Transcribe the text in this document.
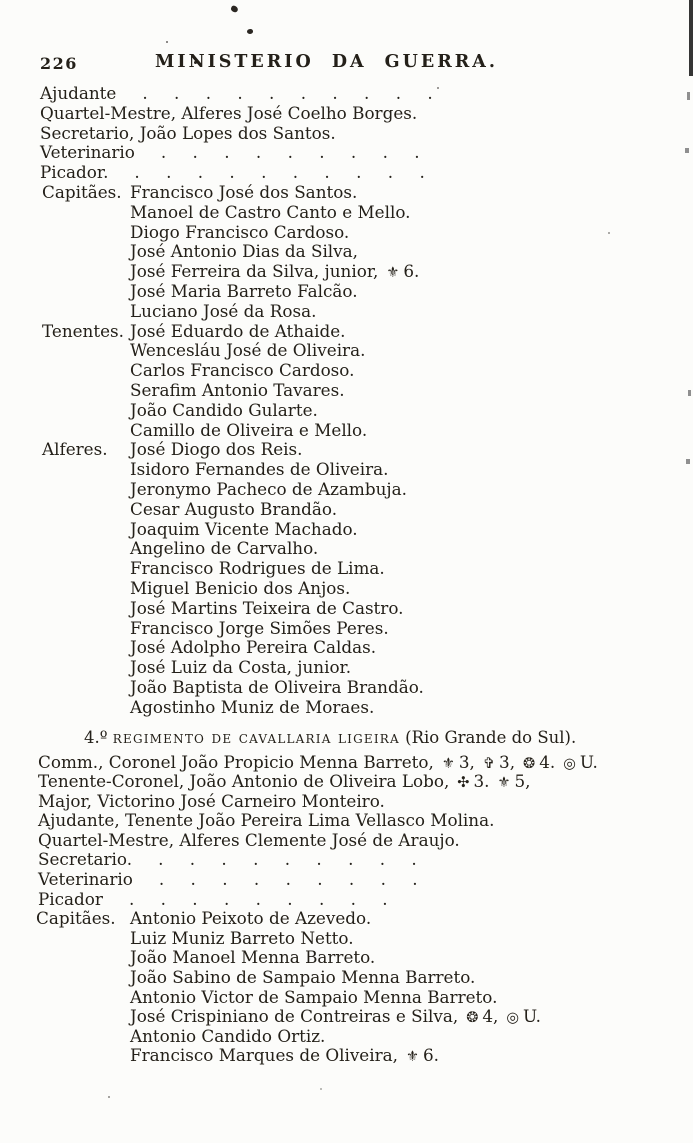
226	MINISTERIO DA GUERRA.
Ajudante . . . . . . . . . .
Quartel-Mestre, Alferes José Coelho Borges.
Secretario, João Lopes dos Santos.
Veterinario . . . . . . . . .
Picador. . . . . . . . . . .
Capitães. Francisco José dos Santos.
Manoel de Castro Canto e Mello.
Diogo Francisco Cardoso.
José Antonio Dias da Silva,
José Ferreira da Silva, junior, ⚜ 6.
José Maria Barreto Falcão.
Luciano José da Rosa.
Tenentes. José Eduardo de Athaide.
Wencesláu José de Oliveira.
Carlos Francisco Cardoso.
Serafim Antonio Tavares.
João Candido Gularte.
Camillo de Oliveira e Mello.
Alferes. José Diogo dos Reis.
Isidoro Fernandes de Oliveira.
Jeronymo Pacheco de Azambuja.
Cesar Augusto Brandão.
Joaquim Vicente Machado.
Angelino de Carvalho.
Francisco Rodrigues de Lima.
Miguel Benicio dos Anjos.
José Martins Teixeira de Castro.
Francisco Jorge Simões Peres.
José Adolpho Pereira Caldas.
José Luiz da Costa, junior.
João Baptista de Oliveira Brandão.
Agostinho Muniz de Moraes.
4.º regimento de cavallaria ligeira (Rio Grande do Sul).
Comm., Coronel João Propicio Menna Barreto, ⚜ 3, ✞ 3, ❂ 4. ◎ U.
Tenente-Coronel, João Antonio de Oliveira Lobo, ✣ 3. ⚜ 5,
Major, Victorino José Carneiro Monteiro.
Ajudante, Tenente João Pereira Lima Vellasco Molina.
Quartel-Mestre, Alferes Clemente José de Araujo.
Secretario. . . . . . . . . .
Veterinario . . . . . . . . .
Picador . . . . . . . . .
Capitães. Antonio Peixoto de Azevedo.
Luiz Muniz Barreto Netto.
João Manoel Menna Barreto.
João Sabino de Sampaio Menna Barreto.
Antonio Victor de Sampaio Menna Barreto.
José Crispiniano de Contreiras e Silva, ❂ 4, ◎ U.
Antonio Candido Ortiz.
Francisco Marques de Oliveira, ⚜ 6.
